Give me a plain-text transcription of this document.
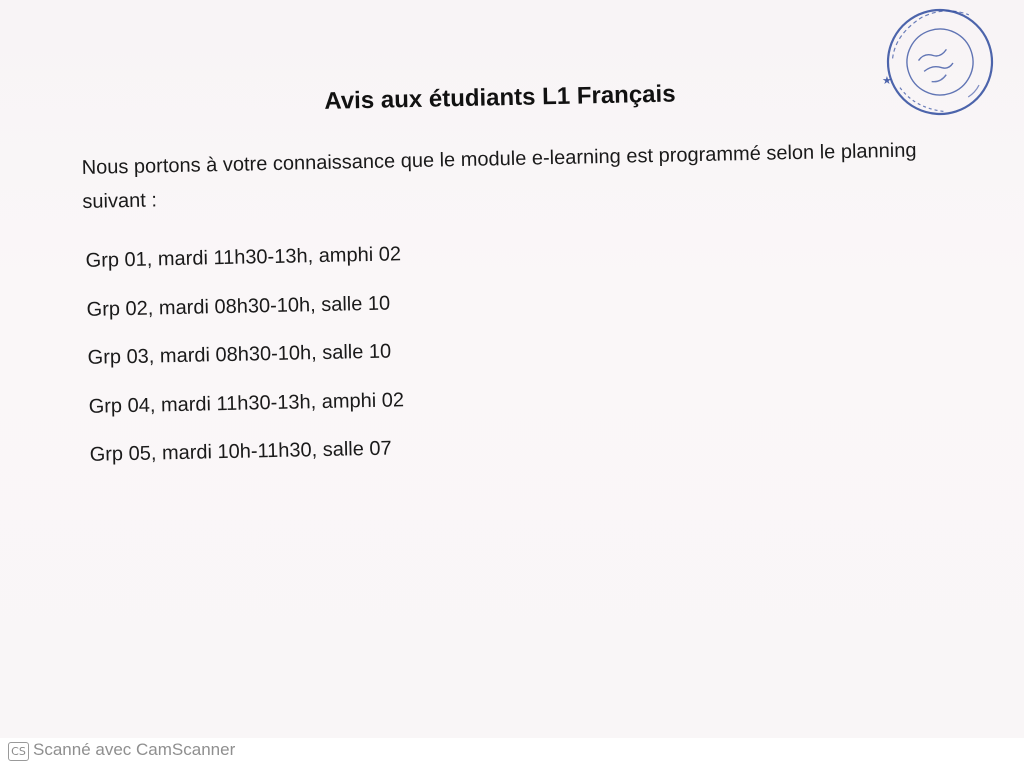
Avis aux étudiants L1 Français

Nous portons à votre connaissance que le module e-learning est programmé selon le planning suivant :

Grp 01, mardi 11h30-13h, amphi 02
Grp 02, mardi 08h30-10h, salle 10
Grp 03, mardi 08h30-10h, salle 10
Grp 04, mardi 11h30-13h, amphi 02
Grp 05, mardi 10h-11h30, salle 07
★
CS Scanné avec CamScanner
